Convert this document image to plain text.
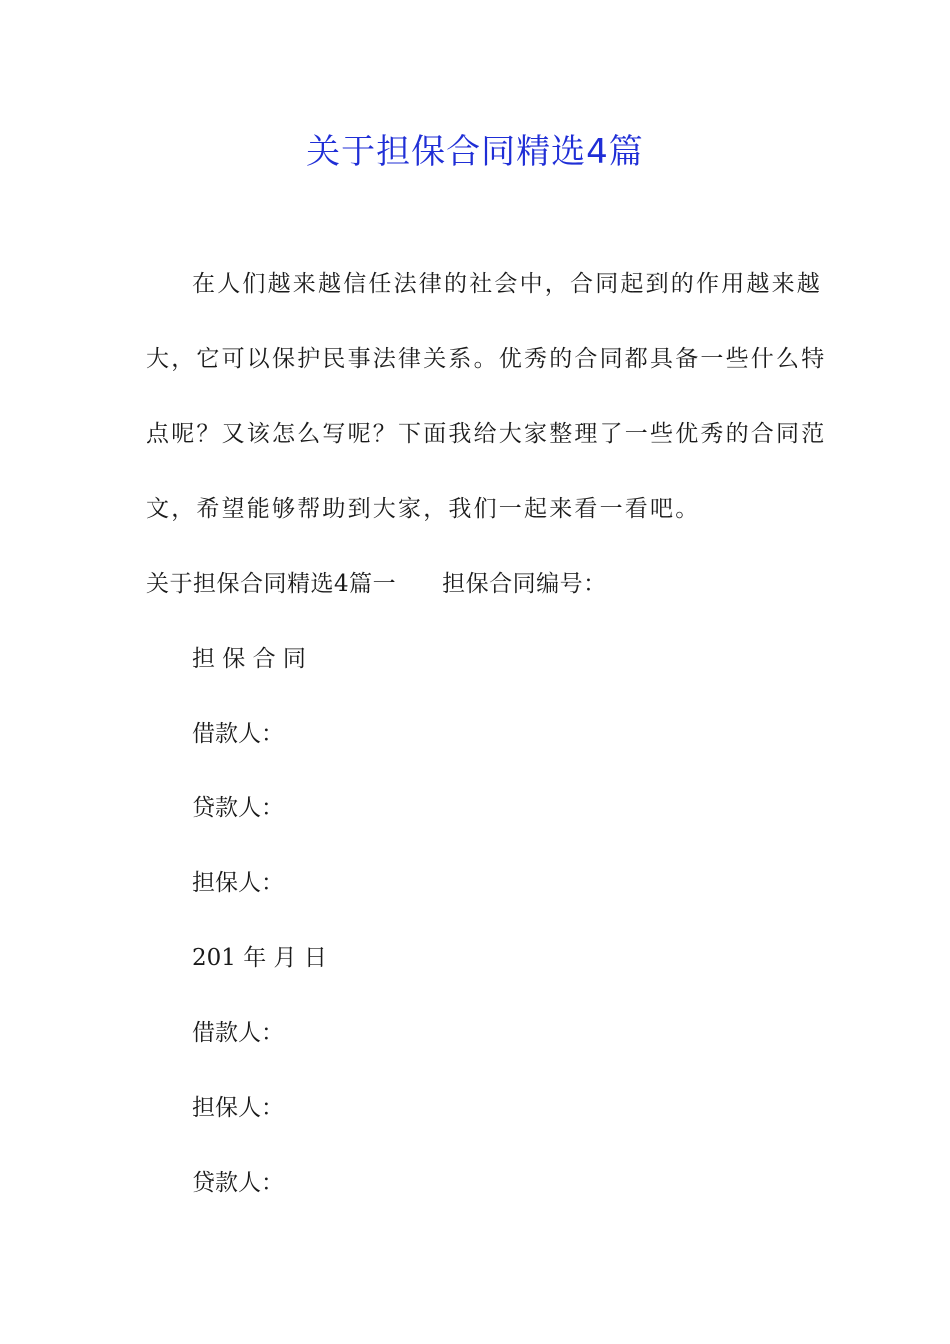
关于担保合同精选4篇
在人们越来越信任法律的社会中，合同起到的作用越来越
大，它可以保护民事法律关系。优秀的合同都具备一些什么特
点呢？又该怎么写呢？下面我给大家整理了一些优秀的合同范
文，希望能够帮助到大家，我们一起来看一看吧。
关于担保合同精选4篇一 担保合同编号：
担 保 合 同
借款人：
贷款人：
担保人：
201 年 月 日
借款人：
担保人：
贷款人：
